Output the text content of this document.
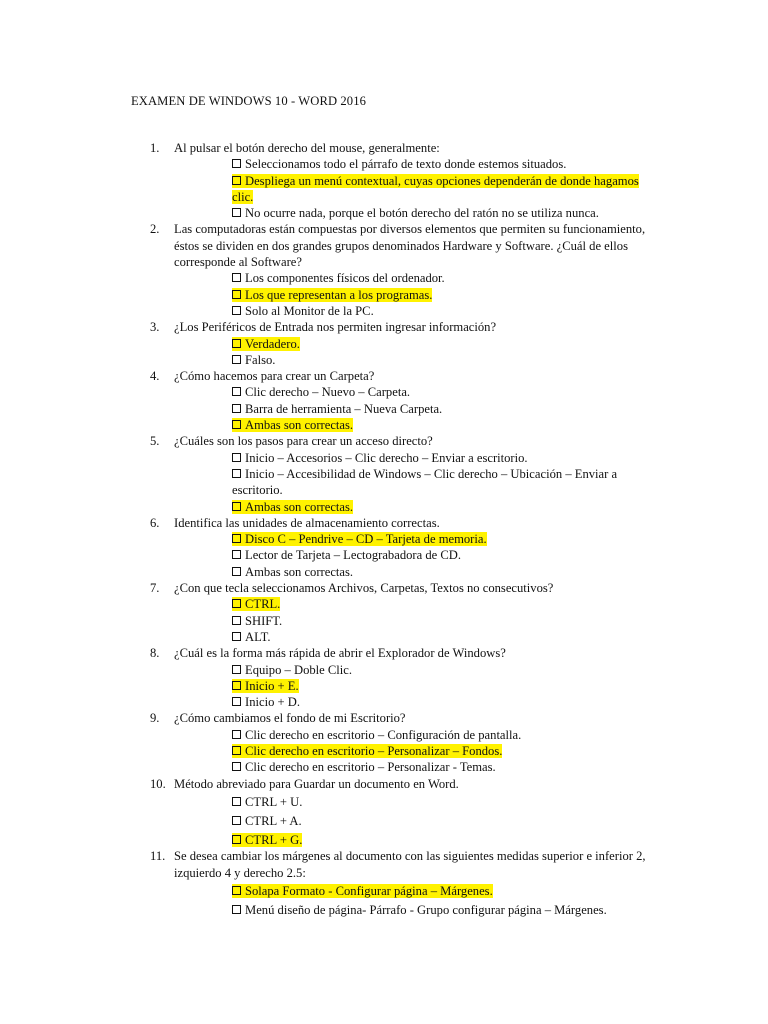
EXAMEN DE WINDOWS 10 - WORD 2016
1.	Al pulsar el botón derecho del mouse, generalmente:
Seleccionamos todo el párrafo de texto donde estemos situados.
Despliega un menú contextual, cuyas opciones dependerán de donde hagamos clic.
No ocurre nada, porque el botón derecho del ratón no se utiliza nunca.
2.	Las computadoras están compuestas por diversos elementos que permiten su funcionamiento, éstos se dividen en dos grandes grupos denominados Hardware y Software. ¿Cuál de ellos corresponde al Software?
Los componentes físicos del ordenador.
Los que representan a los programas.
Solo al Monitor de la PC.
3.	¿Los Periféricos de Entrada nos permiten ingresar información?
Verdadero.
Falso.
4.	¿Cómo hacemos para crear un Carpeta?
Clic derecho – Nuevo – Carpeta.
Barra de herramienta – Nueva Carpeta.
Ambas son correctas.
5.	¿Cuáles son los pasos para crear un acceso directo?
Inicio – Accesorios – Clic derecho – Enviar a escritorio.
Inicio – Accesibilidad de Windows – Clic derecho – Ubicación – Enviar a escritorio.
Ambas son correctas.
6.	Identifica las unidades de almacenamiento correctas.
Disco C – Pendrive – CD – Tarjeta de memoria.
Lector de Tarjeta – Lectograbadora de CD.
Ambas son correctas.
7.	¿Con que tecla seleccionamos Archivos, Carpetas, Textos no consecutivos?
CTRL.
SHIFT.
ALT.
8.	¿Cuál es la forma más rápida de abrir el Explorador de Windows?
Equipo – Doble Clic.
Inicio + E.
Inicio + D.
9.	¿Cómo cambiamos el fondo de mi Escritorio?
Clic derecho en escritorio – Configuración de pantalla.
Clic derecho en escritorio – Personalizar – Fondos.
Clic derecho en escritorio – Personalizar - Temas.
10. Método abreviado para Guardar un documento en Word.
CTRL + U.
CTRL + A.
CTRL + G.
11. Se desea cambiar los márgenes al documento con las siguientes medidas superior e inferior 2, izquierdo 4 y derecho 2.5:
Solapa Formato - Configurar página – Márgenes.
Menú diseño de página- Párrafo - Grupo configurar página – Márgenes.
